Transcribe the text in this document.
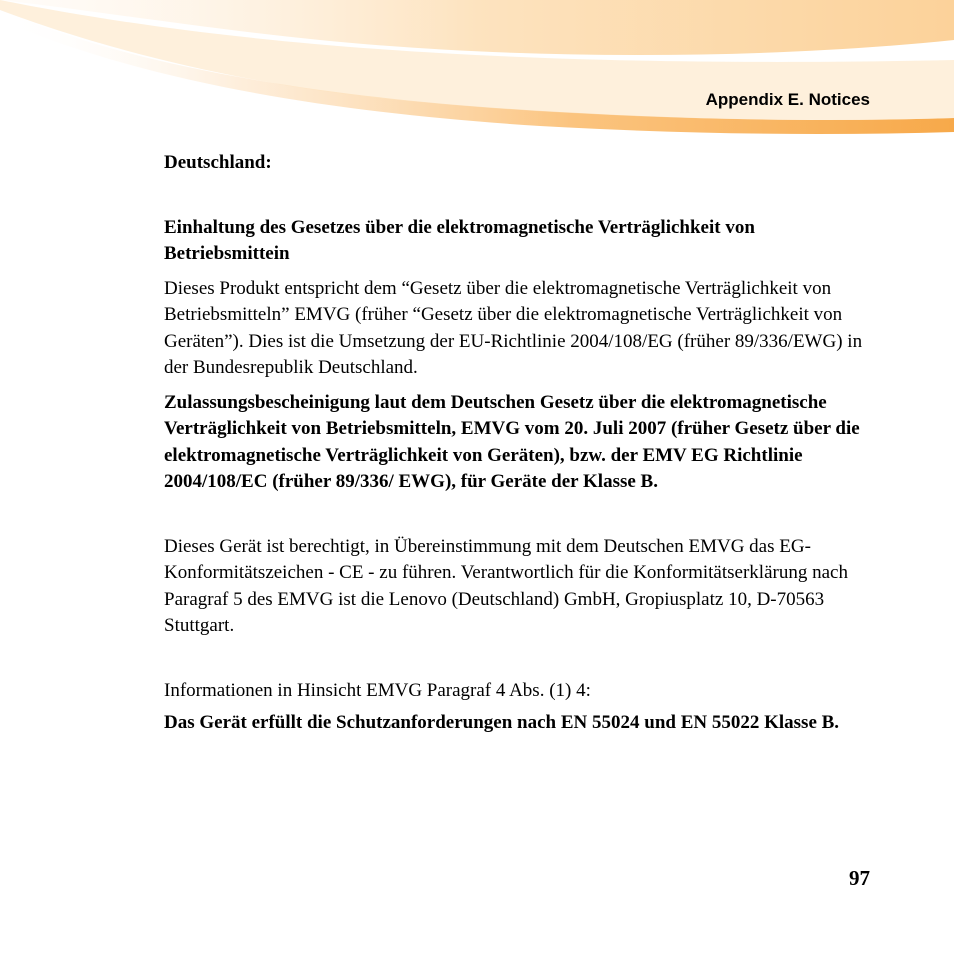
Appendix E. Notices

Deutschland:

Einhaltung des Gesetzes über die elektromagnetische Verträglichkeit von Betriebsmittein

Dieses Produkt entspricht dem “Gesetz über die elektromagnetische Verträglichkeit von Betriebsmitteln” EMVG (früher “Gesetz über die elektromagnetische Verträglichkeit von Geräten”). Dies ist die Umsetzung der EU-Richtlinie 2004/108/EG (früher 89/336/EWG) in der Bundesrepublik Deutschland.

Zulassungsbescheinigung laut dem Deutschen Gesetz über die elektromagnetische Verträglichkeit von Betriebsmitteln, EMVG vom 20. Juli 2007 (früher Gesetz über die elektromagnetische Verträglichkeit von Geräten), bzw. der EMV EG Richtlinie 2004/108/EC (früher 89/336/ EWG), für Geräte der Klasse B.

Dieses Gerät ist berechtigt, in Übereinstimmung mit dem Deutschen EMVG das EG-Konformitätszeichen - CE - zu führen. Verantwortlich für die Konformitätserklärung nach Paragraf 5 des EMVG ist die Lenovo (Deutschland) GmbH, Gropiusplatz 10, D-70563 Stuttgart.

Informationen in Hinsicht EMVG Paragraf 4 Abs. (1) 4:

Das Gerät erfüllt die Schutzanforderungen nach EN 55024 und EN 55022 Klasse B.

97
